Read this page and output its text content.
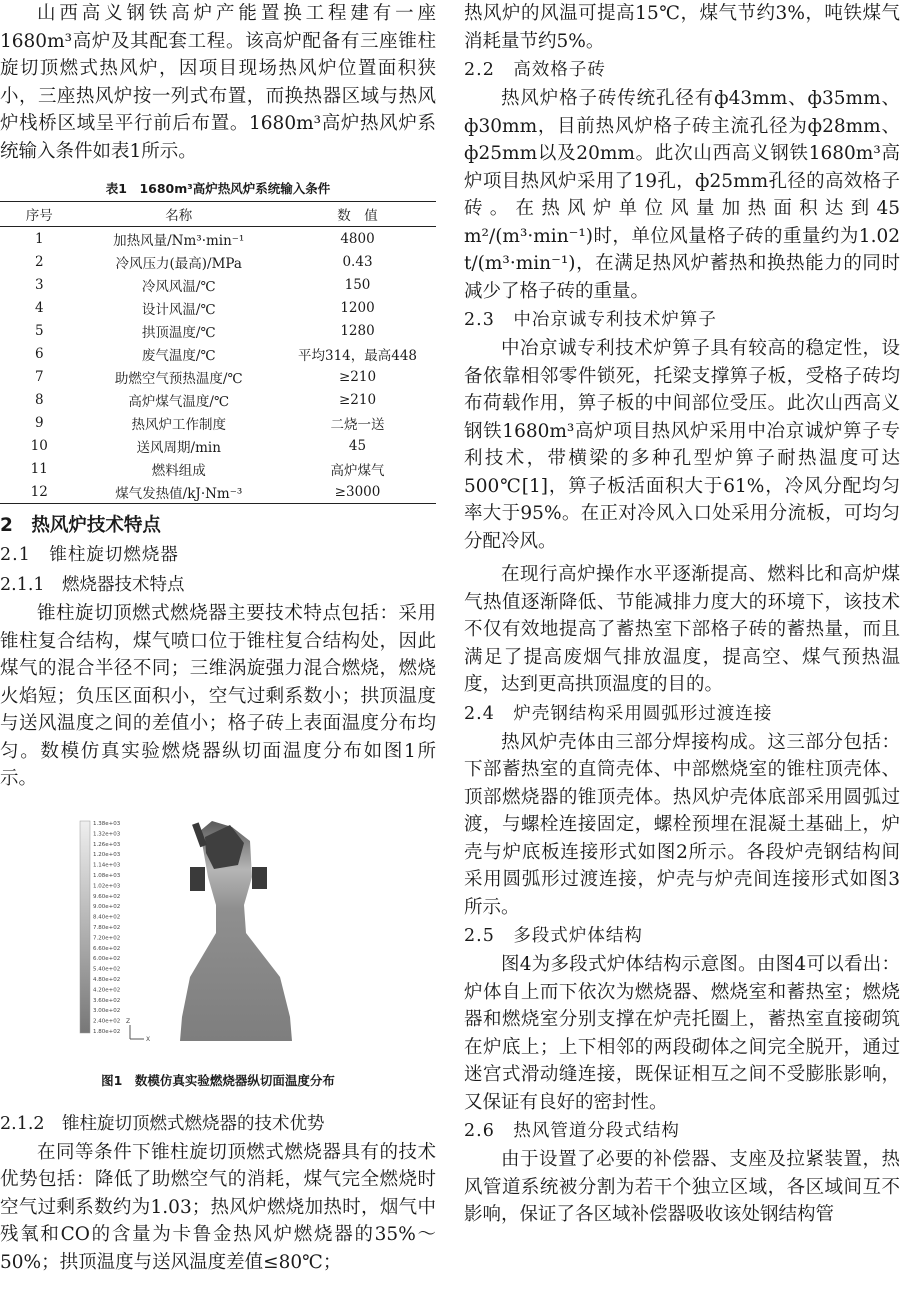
山西高义钢铁高炉产能置换工程建有一座1680m³高炉及其配套工程。该高炉配备有三座锥柱旋切顶燃式热风炉，因项目现场热风炉位置面积狭小，三座热风炉按一列式布置，而换热器区域与热风炉栈桥区域呈平行前后布置。1680m³高炉热风炉系统输入条件如表1所示。

表1　1680m³高炉热风炉系统输入条件
序号	名称	数　值
1	加热风量/Nm³·min⁻¹	4800
2	冷风压力(最高)/MPa	0.43
3	冷风风温/℃	150
4	设计风温/℃	1200
5	拱顶温度/℃	1280
6	废气温度/℃	平均314，最高448
7	助燃空气预热温度/℃	≥210
8	高炉煤气温度/℃	≥210
9	热风炉工作制度	二烧一送
10	送风周期/min	45
11	燃料组成	高炉煤气
12	煤气发热值/kJ·Nm⁻³	≥3000
2　热风炉技术特点
2.1　锥柱旋切燃烧器
2.1.1　燃烧器技术特点

锥柱旋切顶燃式燃烧器主要技术特点包括：采用锥柱复合结构，煤气喷口位于锥柱复合结构处，因此煤气的混合半径不同；三维涡旋强力混合燃烧，燃烧火焰短；负压区面积小，空气过剩系数小；拱顶温度与送风温度之间的差值小；格子砖上表面温度分布均匀。数模仿真实验燃烧器纵切面温度分布如图1所示。

1.38e+03
1.32e+03
1.26e+03
1.20e+03
1.14e+03
1.08e+03
1.02e+03
9.60e+02
9.00e+02
8.40e+02
7.80e+02
7.20e+02
6.60e+02
6.00e+02
5.40e+02
4.80e+02
4.20e+02
3.60e+02
3.00e+02
2.40e+02
1.80e+02
Z
X
图1　数模仿真实验燃烧器纵切面温度分布
2.1.2　锥柱旋切顶燃式燃烧器的技术优势

在同等条件下锥柱旋切顶燃式燃烧器具有的技术优势包括：降低了助燃空气的消耗，煤气完全燃烧时空气过剩系数约为1.03；热风炉燃烧加热时，烟气中残氧和CO的含量为卡鲁金热风炉燃烧器的35%～50%；拱顶温度与送风温度差值≤80℃；

热风炉的风温可提高15℃，煤气节约3%，吨铁煤气消耗量节约5%。

2.2　高效格子砖

热风炉格子砖传统孔径有ф43mm、ф35mm、ф30mm，目前热风炉格子砖主流孔径为ф28mm、ф25mm以及20mm。此次山西高义钢铁1680m³高炉项目热风炉采用了19孔，ф25mm孔径的高效格子砖。在热风炉单位风量加热面积达到45 m²/(m³·min⁻¹)时，单位风量格子砖的重量约为1.02 t/(m³·min⁻¹)，在满足热风炉蓄热和换热能力的同时减少了格子砖的重量。

2.3　中冶京诚专利技术炉箅子

中冶京诚专利技术炉箅子具有较高的稳定性，设备依靠相邻零件锁死，托梁支撑箅子板，受格子砖均布荷载作用，箅子板的中间部位受压。此次山西高义钢铁1680m³高炉项目热风炉采用中冶京诚炉箅子专利技术，带横梁的多种孔型炉箅子耐热温度可达500℃[1]，箅子板活面积大于61%，冷风分配均匀率大于95%。在正对冷风入口处采用分流板，可均匀分配冷风。

在现行高炉操作水平逐渐提高、燃料比和高炉煤气热值逐渐降低、节能减排力度大的环境下，该技术不仅有效地提高了蓄热室下部格子砖的蓄热量，而且满足了提高废烟气排放温度，提高空、煤气预热温度，达到更高拱顶温度的目的。

2.4　炉壳钢结构采用圆弧形过渡连接

热风炉壳体由三部分焊接构成。这三部分包括：下部蓄热室的直筒壳体、中部燃烧室的锥柱顶壳体、顶部燃烧器的锥顶壳体。热风炉壳体底部采用圆弧过渡，与螺栓连接固定，螺栓预埋在混凝土基础上，炉壳与炉底板连接形式如图2所示。各段炉壳钢结构间采用圆弧形过渡连接，炉壳与炉壳间连接形式如图3所示。

2.5　多段式炉体结构

图4为多段式炉体结构示意图。由图4可以看出：炉体自上而下依次为燃烧器、燃烧室和蓄热室；燃烧器和燃烧室分别支撑在炉壳托圈上，蓄热室直接砌筑在炉底上；上下相邻的两段砌体之间完全脱开，通过迷宫式滑动缝连接，既保证相互之间不受膨胀影响，又保证有良好的密封性。

2.6　热风管道分段式结构

由于设置了必要的补偿器、支座及拉紧装置，热风管道系统被分割为若干个独立区域，各区域间互不影响，保证了各区域补偿器吸收该处钢结构管
